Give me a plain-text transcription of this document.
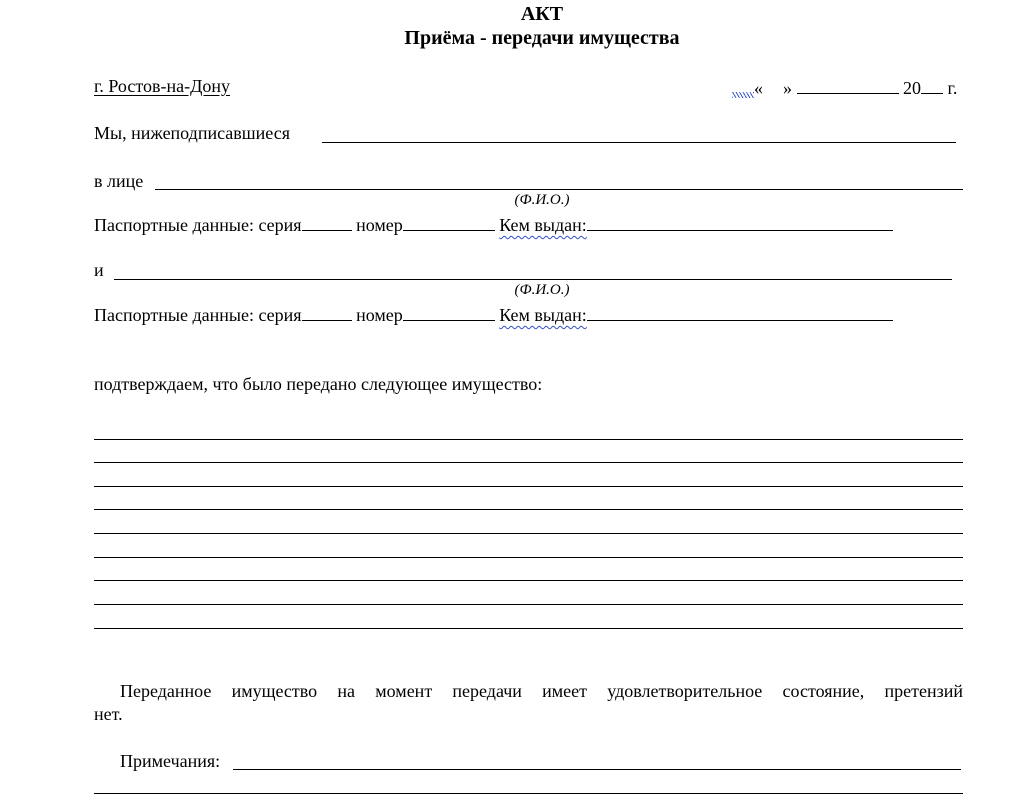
АКТ
Приёма - передачи имущества
г. Ростов-на-Дону	« »	20 г.
Мы, нижеподписавшиеся
в лице
(Ф.И.О.)
Паспортные данные: серия	номер	Кем выдан:
и
(Ф.И.О.)
Паспортные данные: серия	номер	Кем выдан:
подтверждаем, что было передано следующее имущество:
Переданное имущество на момент передачи имеет удовлетворительное состояние, претензий
нет.
Примечания:
